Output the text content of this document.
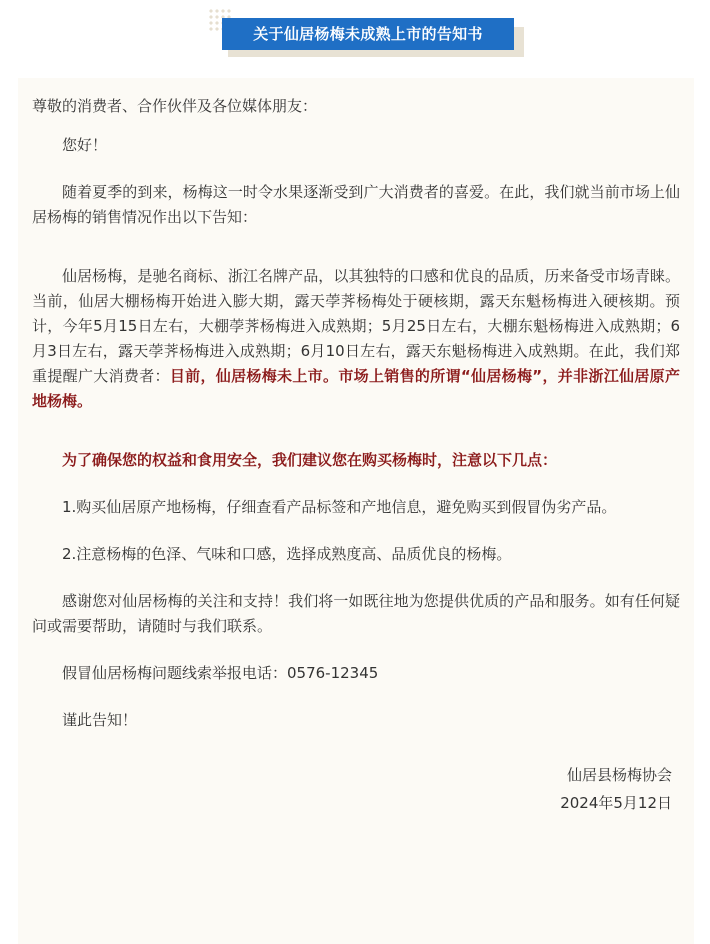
关于仙居杨梅未成熟上市的告知书

尊敬的消费者、合作伙伴及各位媒体朋友：

您好！

随着夏季的到来，杨梅这一时令水果逐渐受到广大消费者的喜爱。在此，我们就当前市场上仙居杨梅的销售情况作出以下告知：

仙居杨梅，是驰名商标、浙江名牌产品，以其独特的口感和优良的品质，历来备受市场青睐。当前，仙居大棚杨梅开始进入膨大期，露天荸荠杨梅处于硬核期，露天东魁杨梅进入硬核期。预计，今年5月15日左右，大棚荸荠杨梅进入成熟期；5月25日左右，大棚东魁杨梅进入成熟期；6月3日左右，露天荸荠杨梅进入成熟期；6月10日左右，露天东魁杨梅进入成熟期。在此，我们郑重提醒广大消费者：目前，仙居杨梅未上市。市场上销售的所谓“仙居杨梅”，并非浙江仙居原产地杨梅。

为了确保您的权益和食用安全，我们建议您在购买杨梅时，注意以下几点：

1.购买仙居原产地杨梅，仔细查看产品标签和产地信息，避免购买到假冒伪劣产品。

2.注意杨梅的色泽、气味和口感，选择成熟度高、品质优良的杨梅。

感谢您对仙居杨梅的关注和支持！我们将一如既往地为您提供优质的产品和服务。如有任何疑问或需要帮助，请随时与我们联系。

假冒仙居杨梅问题线索举报电话：0576-12345

谨此告知！

仙居县杨梅协会
2024年5月12日
